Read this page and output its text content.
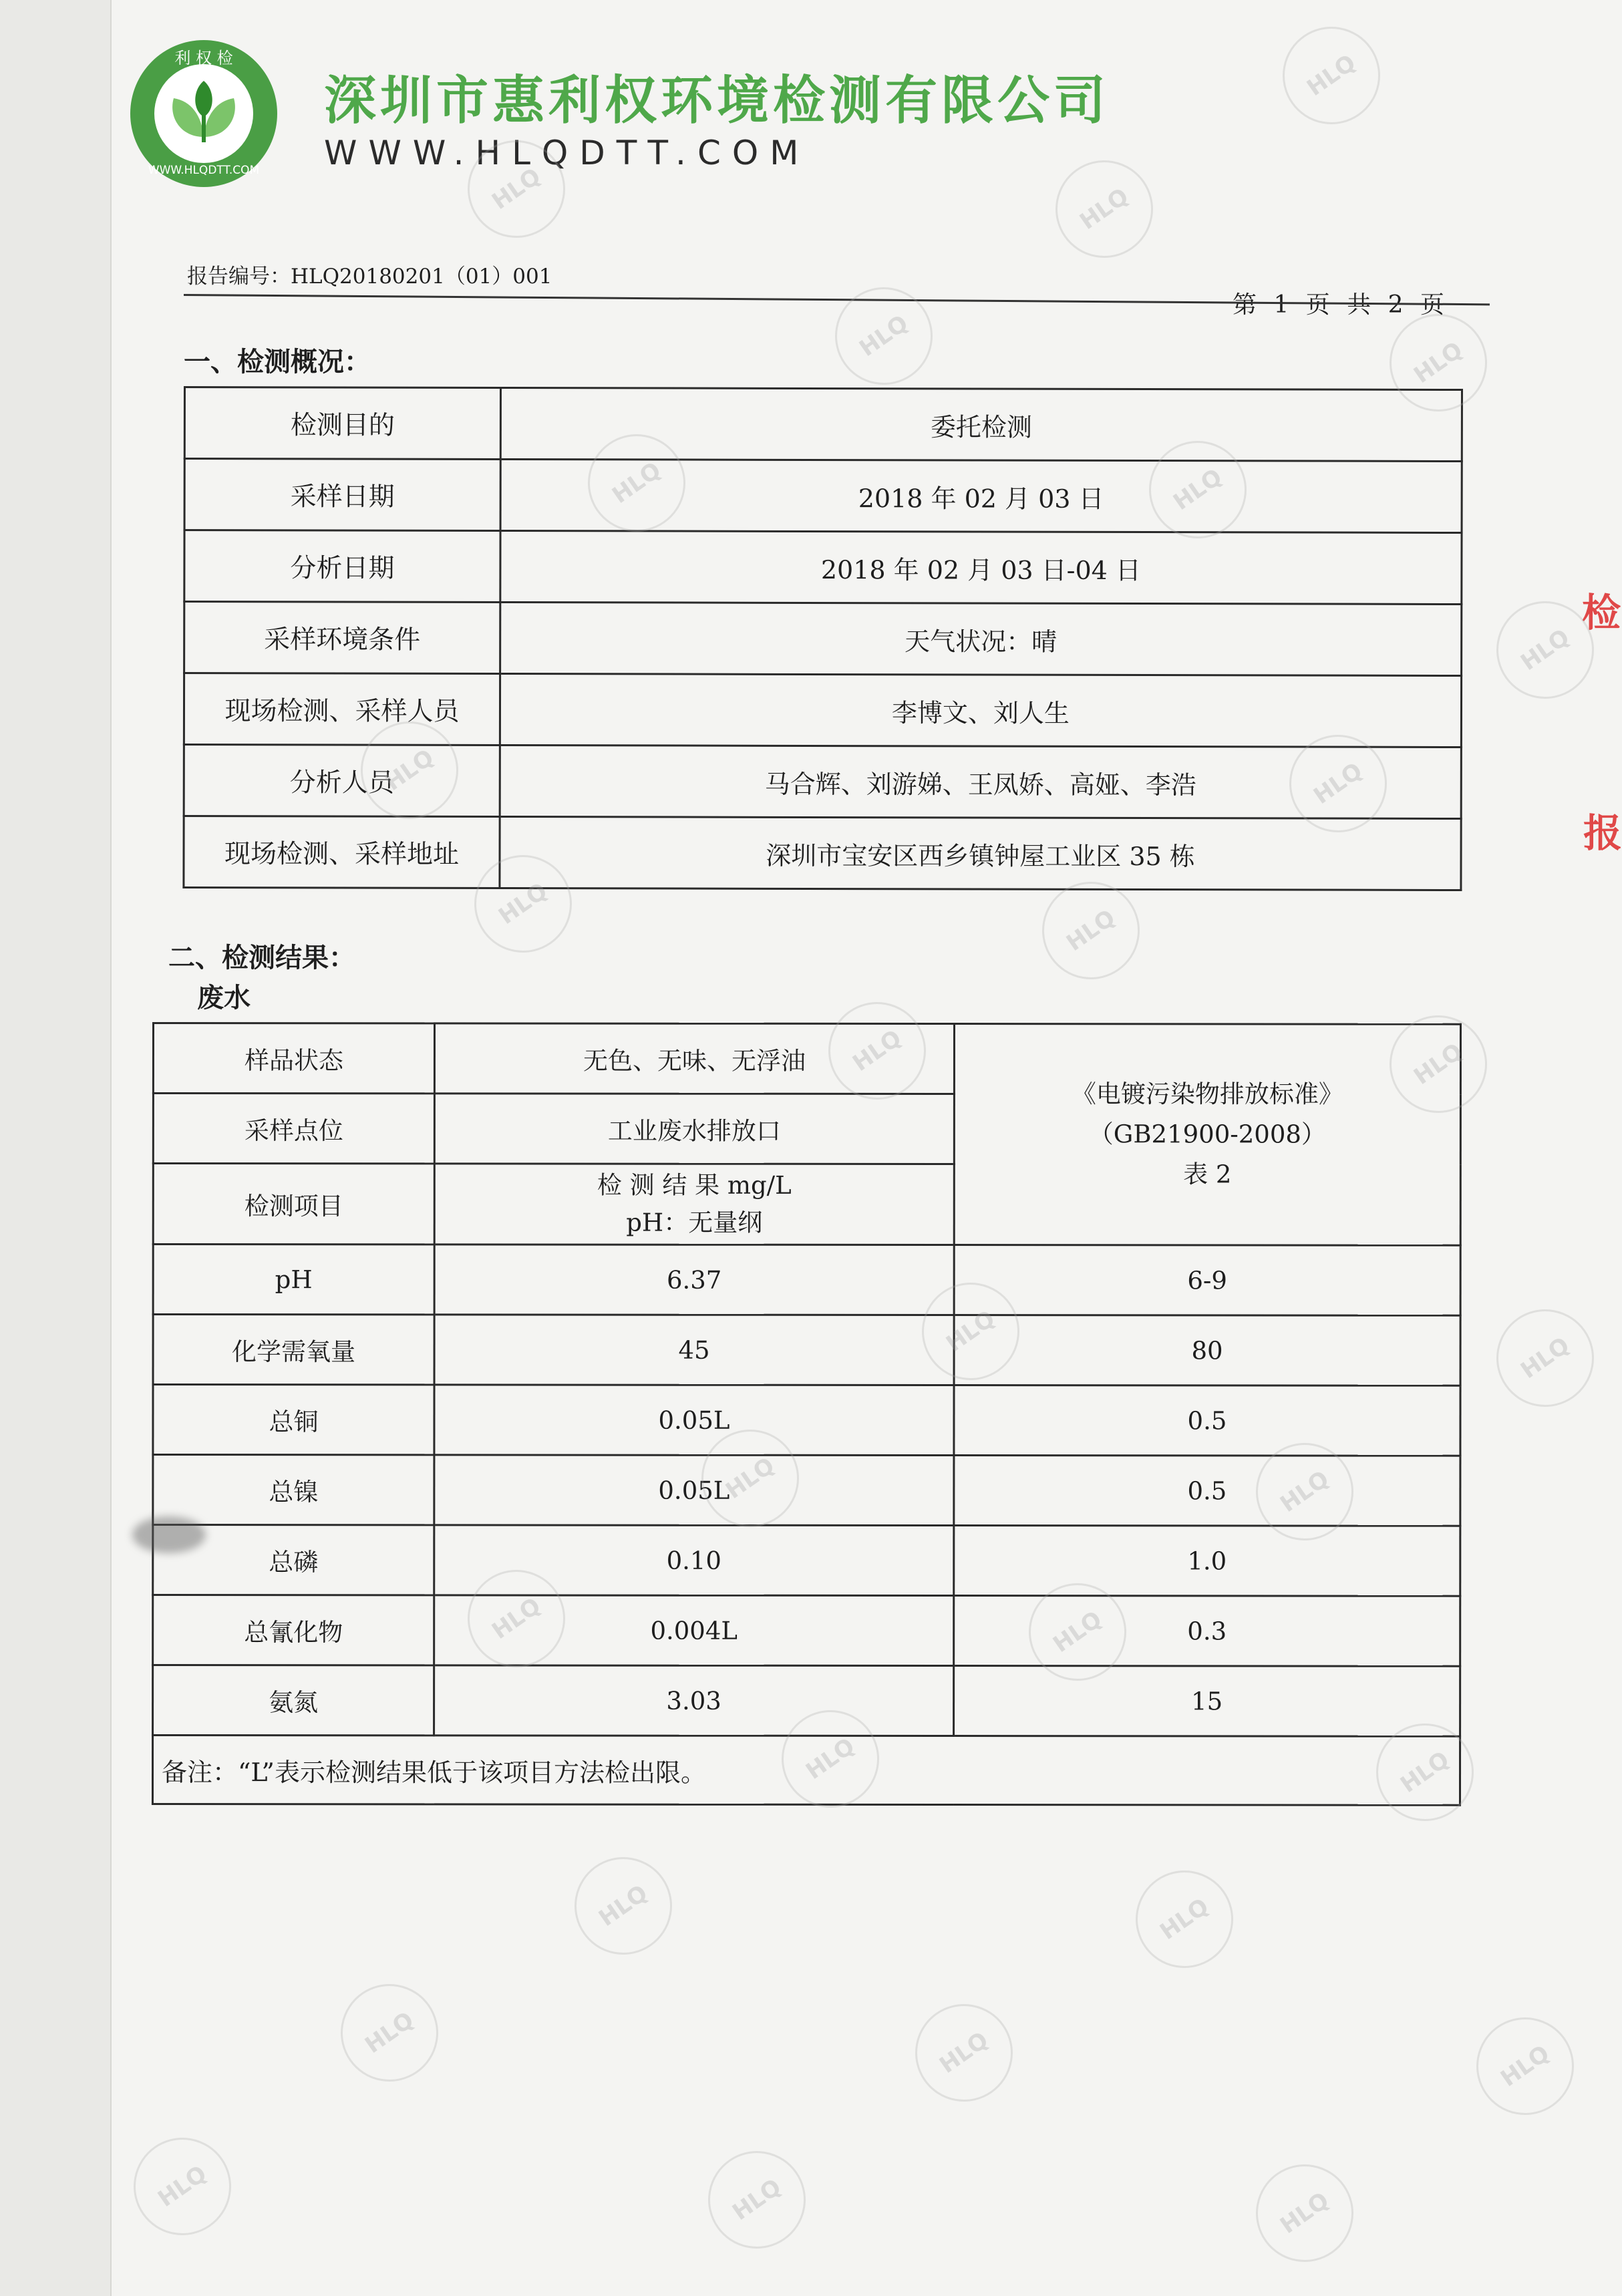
利 权 检
WWW.HLQDTT.COM
深圳市惠利权环境检测有限公司
WWW.HLQDTT.COM
报告编号：HLQ20180201（01）001
第 1 页 共 2 页
一、检测概况：
检测目的	委托检测
采样日期	2018 年 02 月 03 日
分析日期	2018 年 02 月 03 日-04 日
采样环境条件	天气状况：晴
现场检测、采样人员	李博文、刘人生
分析人员	马合辉、刘游娣、王凤娇、高娅、李浩
现场检测、采样地址	深圳市宝安区西乡镇钟屋工业区 35 栋
二、检测结果：
废水
样品状态	无色、无味、无浮油	《电镀污染物排放标准》
（GB21900-2008）
表 2

采样点位	工业废水排放口	
检测项目	检 测 结 果 mg/L
pH：无量纲	

pH	6.37	6-9
化学需氧量	45	80
总铜	0.05L	0.5
总镍	0.05L	0.5
总磷	0.10	1.0
总氰化物	0.004L	0.3
氨氮	3.03	15
备注：“L”表示检测结果低于该项目方法检出限。		
检
报
HLQ
HLQ	HLQ
HLQ
HLQ
HLQ	HLQ
HLQ
HLQ	HLQ
HLQ
HLQ
HLQ
HLQ
HLQ
HLQ
HLQ	HLQ
HLQ	HLQ
HLQ
HLQ
HLQ	HLQ
HLQ	HLQ	HLQ
HLQ	HLQ	HLQ
